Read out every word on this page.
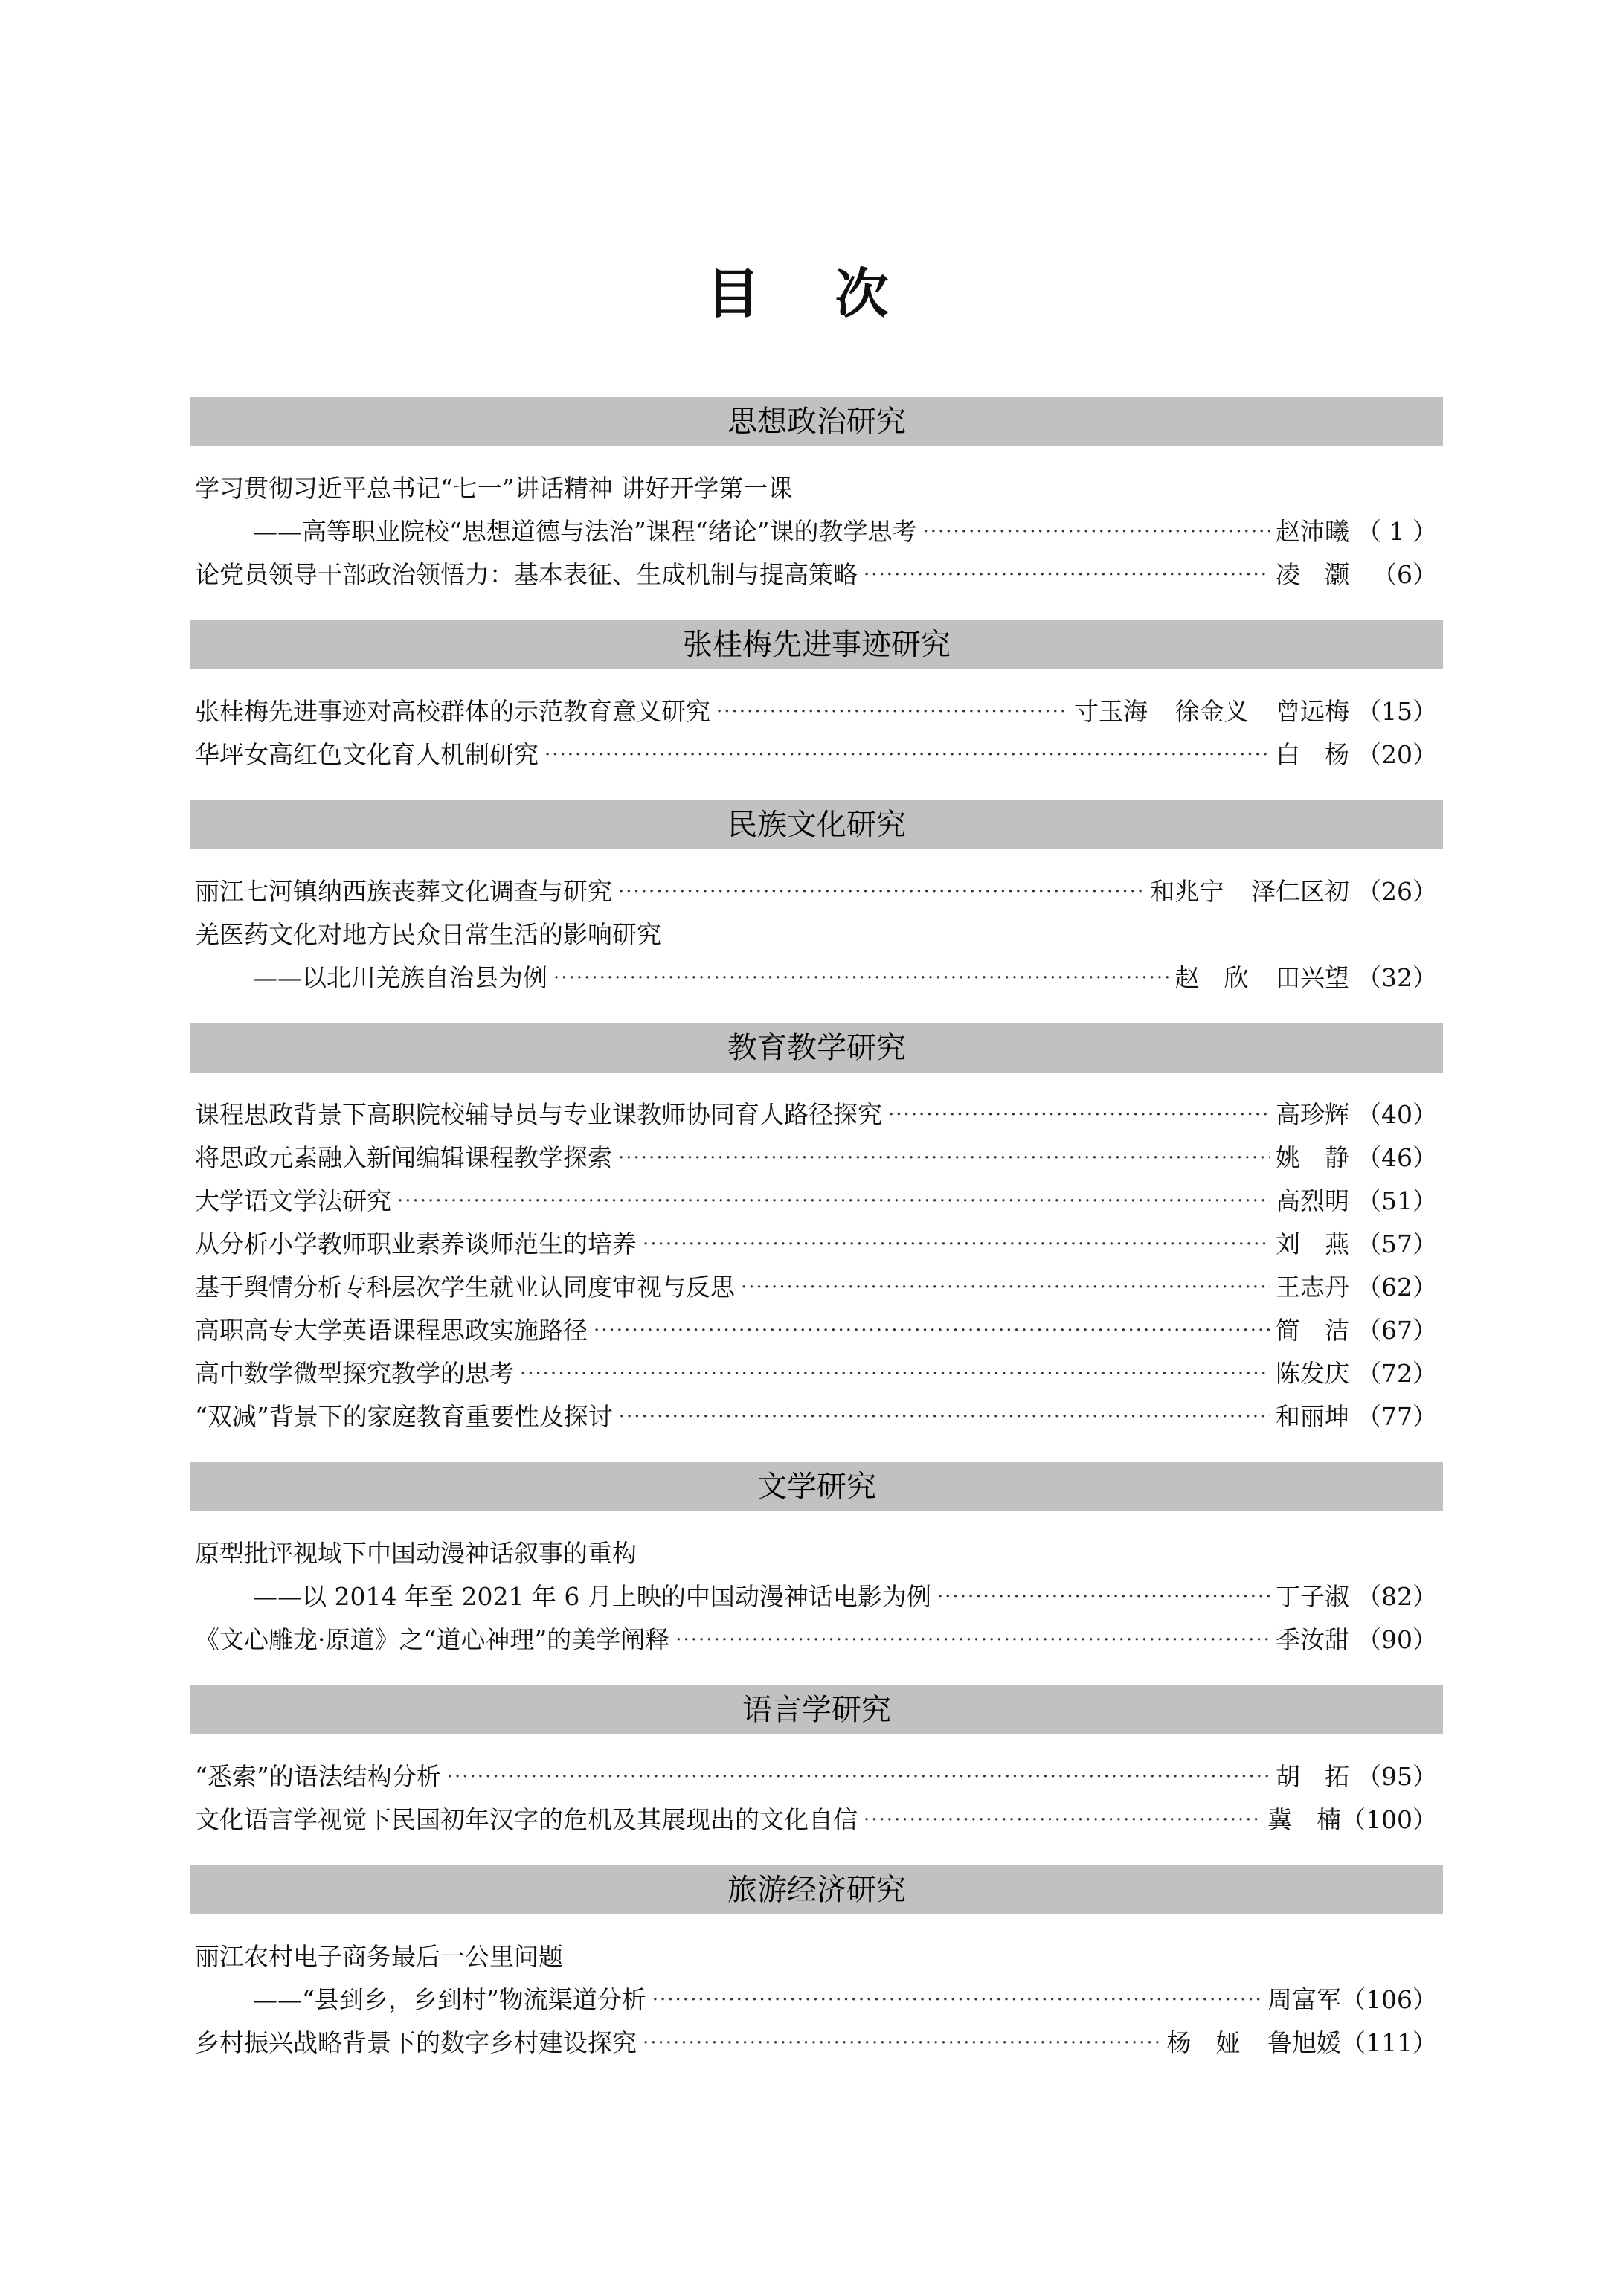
目 次
思想政治研究
学习贯彻习近平总书记“七一”讲话精神 讲好开学第一课
——高等职业院校“思想道德与法治”课程“绪论”课的教学思考 ·····	赵沛曦 （ 1 ）
论党员领导干部政治领悟力：基本表征、生成机制与提高策略 ·····	凌　灏 （6）
张桂梅先进事迹研究
张桂梅先进事迹对高校群体的示范教育意义研究 ·····	寸玉海 徐金义 曾远梅 （15）
华坪女高红色文化育人机制研究 ·····	白　杨 （20）
民族文化研究
丽江七河镇纳西族丧葬文化调查与研究 ·····	和兆宁 泽仁区初 （26）
羌医药文化对地方民众日常生活的影响研究
——以北川羌族自治县为例 ·····	赵　欣 田兴望 （32）
教育教学研究
课程思政背景下高职院校辅导员与专业课教师协同育人路径探究 ·····	高珍辉 （40）
将思政元素融入新闻编辑课程教学探索 ·····	姚　静 （46）
大学语文学法研究 ·····	高烈明 （51）
从分析小学教师职业素养谈师范生的培养 ·····	刘　燕 （57）
基于舆情分析专科层次学生就业认同度审视与反思 ·····	王志丹 （62）
高职高专大学英语课程思政实施路径 ·····	简　洁 （67）
高中数学微型探究教学的思考 ·····	陈发庆 （72）
“双减”背景下的家庭教育重要性及探讨 ·····	和丽坤 （77）
文学研究
原型批评视域下中国动漫神话叙事的重构
——以 2014 年至 2021 年 6 月上映的中国动漫神话电影为例 ·····	丁子淑 （82）
《文心雕龙·原道》之“道心神理”的美学阐释 ·····	季汝甜 （90）
语言学研究
“悉索”的语法结构分析 ·····	胡　拓 （95）
文化语言学视觉下民国初年汉字的危机及其展现出的文化自信 ·····	冀　楠 （100）
旅游经济研究
丽江农村电子商务最后一公里问题
——“县到乡，乡到村”物流渠道分析 ·····	周富军 （106）
乡村振兴战略背景下的数字乡村建设探究 ·····	杨　娅 鲁旭媛 （111）
